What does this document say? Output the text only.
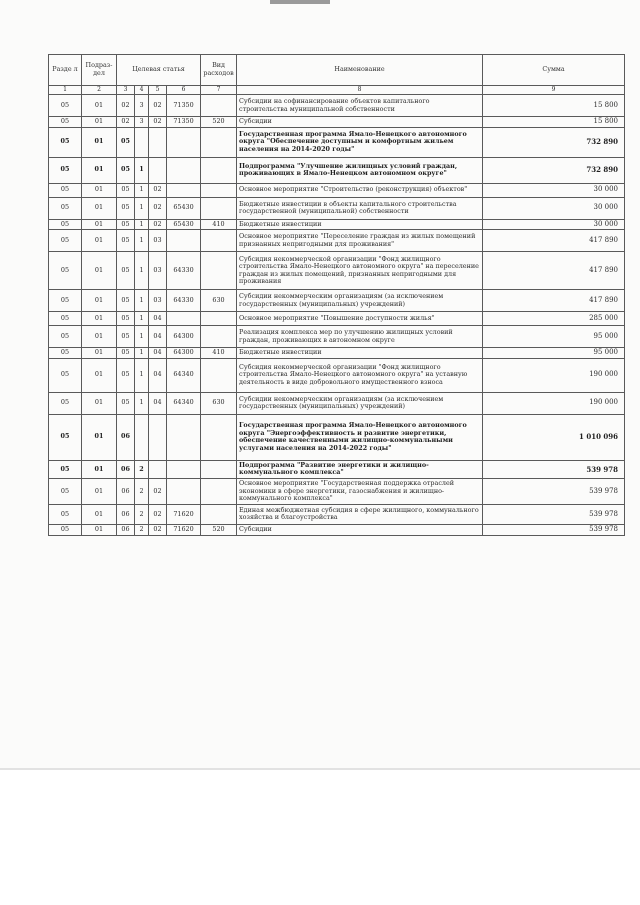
Разде л	Подраз- дел	Целевая статья				Вид расходов	Наименование	Сумма
1	2	3	4	5	6	7	8	9
05	01	02	3	02	71350		Субсидии на софинансирование объектов капитального строительства муниципальной собственности	15 800
05	01	02	3	02	71350	520	Субсидии	15 800
05	01	05					Государственная программа Ямало-Ненецкого автономного округа "Обеспечение доступным и комфортным жильем населения на 2014-2020 годы"	732 890
05	01	05	1				Подпрограмма "Улучшение жилищных условий граждан, проживающих в Ямало-Ненецком автономном округе"	732 890
05	01	05	1	02			Основное мероприятие "Строительство (реконструкция) объектов"	30 000
05	01	05	1	02	65430		Бюджетные инвестиции в объекты капитального строительства государственной (муниципальной) собственности	30 000
05	01	05	1	02	65430	410	Бюджетные инвестиции	30 000
05	01	05	1	03			Основное мероприятие "Переселение граждан из жилых помещений признанных непригодными для проживания"	417 890
05	01	05	1	03	64330		Субсидия некоммерческой организации "Фонд жилищного строительства Ямало-Ненецкого автономного округа" на переселение граждан из жилых помещений, признанных непригодными для проживания	417 890
05	01	05	1	03	64330	630	Субсидии некоммерческим организациям (за исключением государственных (муниципальных) учреждений)	417 890
05	01	05	1	04			Основное мероприятие "Повышение доступности жилья"	285 000
05	01	05	1	04	64300		Реализация комплекса мер по улучшению жилищных условий граждан, проживающих в автономном округе	95 000
05	01	05	1	04	64300	410	Бюджетные инвестиции	95 000
05	01	05	1	04	64340		Субсидия некоммерческой организации "Фонд жилищного строительства Ямало-Ненецкого автономного округа" на уставную деятельность в виде добровольного имущественного взноса	190 000
05	01	05	1	04	64340	630	Субсидии некоммерческим организациям (за исключением государственных (муниципальных) учреждений)	190 000
05	01	06					Государственная программа Ямало-Ненецкого автономного округа "Энергоэффективность и развитие энергетики, обеспечение качественными жилищно-коммунальными услугами населения на 2014-2022 годы"	1 010 096
05	01	06	2				Подпрограмма "Развитие энергетики и жилищно-коммунального комплекса"	539 978
05	01	06	2	02			Основное мероприятие "Государственная поддержка отраслей экономики в сфере энергетики, газоснабжения и жилищно-коммунального комплекса"	539 978
05	01	06	2	02	71620		Единая межбюджетная субсидия в сфере жилищного, коммунального хозяйства и благоустройства	539 978
05	01	06	2	02	71620	520	Субсидии	539 978
